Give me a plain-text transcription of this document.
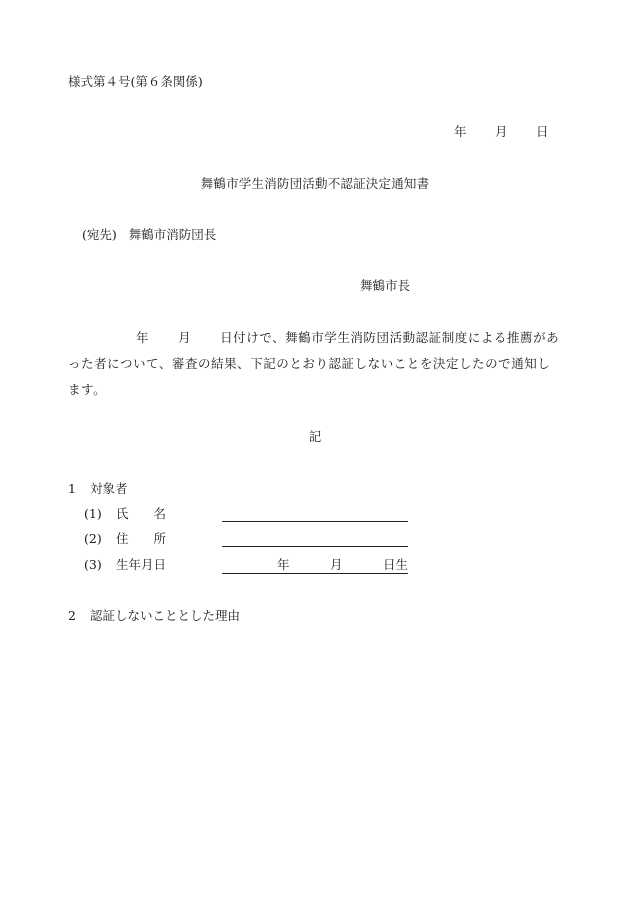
様式第４号(第６条関係)
年 月 日
舞鶴市学生消防団活動不認証決定通知書
(宛先) 舞鶴市消防団長
舞鶴市長
年 月 日付けで、舞鶴市学生消防団活動認証制度による推薦があ
った者について、審査の結果、下記のとおり認証しないことを決定したので通知し
ます。
記
1 対象者
(1) 氏　　名
(2) 住　　所
(3) 生年月日	年	月	日生
2 認証しないこととした理由
